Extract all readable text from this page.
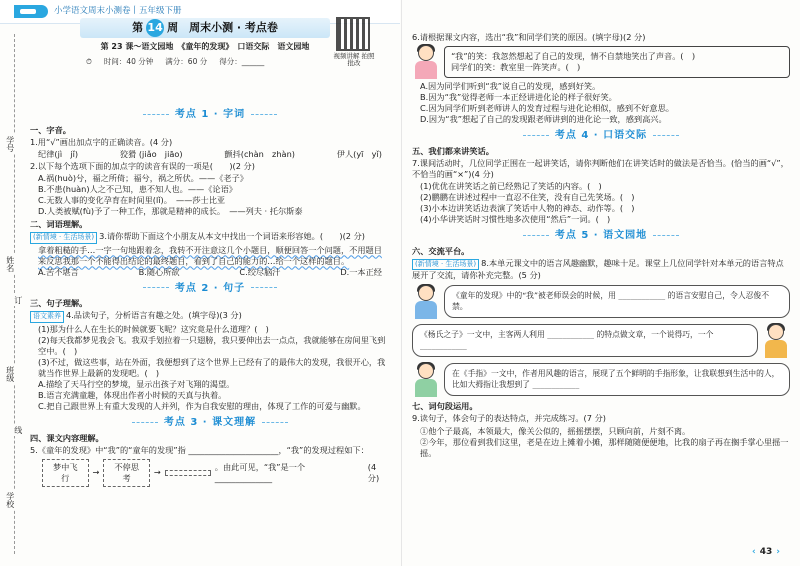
小学语文周末小测卷丨五年级下册
学号
姓名
班级
学校
订
线
第 14 周　周末小测 · 考点卷
第 23 课～语文园地　《童年的发现》　口语交际　语文园地
⏱ 时间：40 分钟 满分：60 分 得分：______
视频讲解 拍照批改
考点 1 · 字词
一、字音。
1.用“√”画出加点字的正确读音。(4 分)
纪律(jì　jǐ)	狡猾 (jiǎo　jiāo)	颤抖(chàn　zhàn)	伊人(yī　yǐ)
2.以下每个选项下面的加点字的读音有误的一项是(　　)(2 分)
A.祸(huò)兮，福之所倚；福兮，祸之所伏。——《老子》
B.不患(huàn)人之不己知，患不知人也。——《论语》
C.无数人事的变化孕育在时间里(lǐ)。　——莎士比亚
D.人类被赋(fù)予了一种工作，那就是精神的成长。　——列夫 · 托尔斯泰
二、词语理解。
(新情境 · 生活场景) 3.请你帮助下面这个小朋友从本文中找出一个词语来形容她。(　　)(2 分)
拿着粗糙的手…一字一句地跟着念，我转不开注意这几个小题目，顺便回答一个问题，不用题目来反思我那一个不能得出结论的最终题目，看到了自己的能力的…给一个这样的题目。
A.苦不堪言	B.随心所欲	C.绞尽脑汁	D.一本正经
考点 2 · 句子
三、句子理解。
语文素养 4.品读句子，分析语言有趣之处。(填字母)(3 分)
(1)那为什么人在生长的时候就要飞呢？这究竟是什么道理？(　)
(2)每天我都梦见我会飞。我双手划拉着一只翅膀，我只要伸出去一点点，我就能够在房间里飞到空中。(　)
(3)不过，做这些事，站在外面，我便想到了这个世界上已经有了的最伟大的发现，我很开心，我就当作世界上最新的发现吧。(　)
A.描绘了天马行空的梦境，显示出孩子对飞翔的渴望。
B.语言充满童趣，体现出作者小时候的天真与执着。
C.把自己跟世界上有重大发现的人并列，作为自我安慰的理由，体现了工作的可爱与幽默。
考点 3 · 课文理解
四、课文内容理解。
5.《童年的发现》中“我”的“童年的发现”指 ______________________，“我”的发现过程如下：
梦中飞行
→
不停思考
→
。由此可见，“我”是一个 ______________
(4 分)
6.请根据课文内容，选出“我”和同学们笑的原因。(填字母)(2 分)
“我”的笑：我忽然想起了自己的发现，情不自禁地笑出了声音。(　)
同学们的笑：教室里一阵笑声。(　)
A.因为同学们听到“我”说自己的发现，感到好笑。
B.因为“我”觉得老师一本正经讲进化论的样子很好笑。
C.因为同学们听到老师讲人的发育过程与进化论相似，感到不好意思。
D.因为“我”想起了自己的发现跟老师讲到的进化论一致，感到高兴。
考点 4 · 口语交际
五、我们都来讲笑话。
7.课间活动时，几位同学正围在一起讲笑话，请你判断他们在讲笑话时的做法是否恰当。(恰当的画“√”，不恰当的画“×”)(4 分)
(1)优优在讲笑话之前已经熟记了笑话的内容。(　)
(2)鹏鹏在讲述过程中一直忍不住笑，没有自己先笑场。(　)
(3)小本边讲笑话边表演了笑话中人物的神态、动作等。(　)
(4)小华讲笑话时习惯性地多次使用“然后”一词。(　)
考点 5 · 语文园地
六、交流平台。
(新情境 · 生活场景) 8.本单元课文中的语言风趣幽默，趣味十足。课堂上几位同学针对本单元的语言特点展开了交流，请你补充完整。(5 分)
《童年的发现》中的“我”被老师误会的时候，用 ____________ 的语言安慰自己，令人忍俊不禁。
《杨氏之子》一文中，主客两人利用 ____________ 的特点做文章，一个说得巧，一个 ____________
在《手指》一文中，作者用风趣的语言，展现了五个鲜明的手指形象，让我联想到生活中的人，比如大拇指让我想到了 ____________
七、词句段运用。
9.读句子，体会句子的表达特点，并完成练习。(7 分)
①他个子最高，本领最大，像关公似的，摇摇摆摆，只顾向前，片刻不离。
②今年，那位看到我们这里，老是在边上摊着小摊，那样随随便便地，比我的扇子再在搁手掌心里摇一摇。
‹ 43 ›
